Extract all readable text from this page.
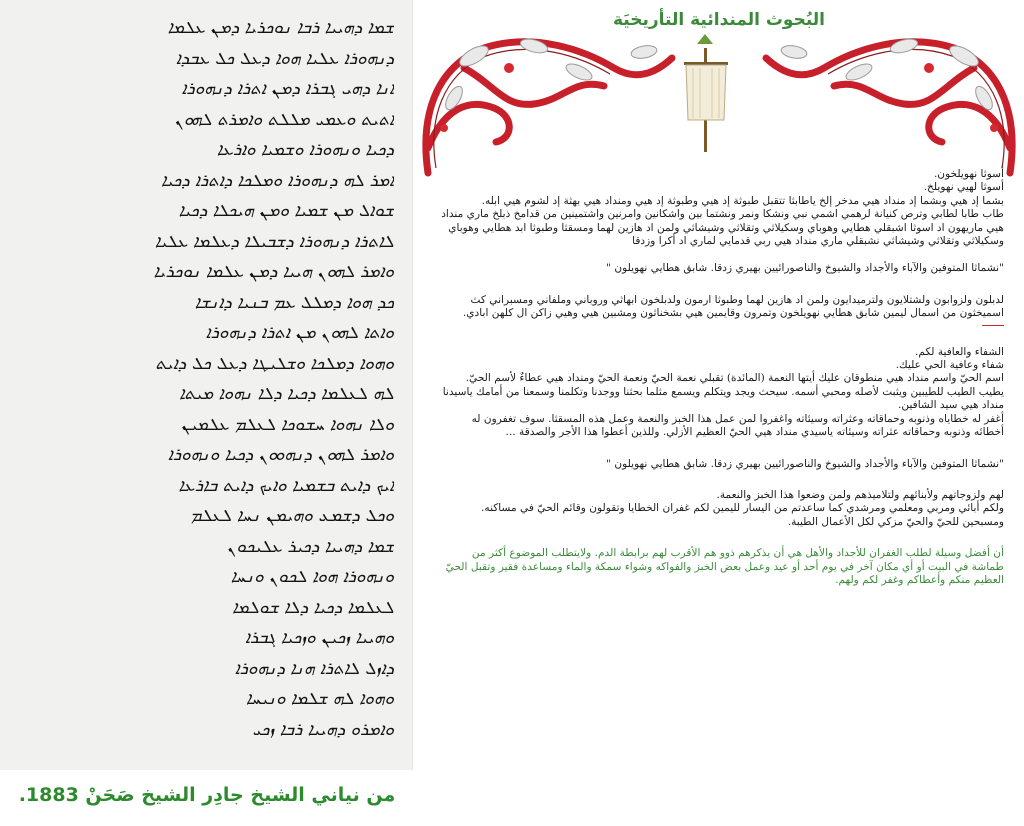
ܫܡܐ ܕܗܝܝܐ ܪܒܐ ܢܘܟܪܝܐ ܕܡܢ ܥܠܡܐ
ܕܢܗܘܪܐ ܥܠܝܐ ܗܘܐ ܕܥܠ ܟܠ ܥܒܕܐ
ܐܢܐ ܕܗܝ ܓܒܪܐ ܕܡܢ ܐܬܪܐ ܕܢܗܘܪܐ
ܐܬܝܬ ܘܥܡܝ ܡܠܠܬ ܘܐܡܪܬ ܠܗܘܢ
ܕܟܝܐ ܘܢܗܘܪܐ ܘܫܡܝܐ ܘܐܪܥܐ
ܐܡܪ ܠܗ ܕܢܗܘܪܐ ܘܡܠܟܐ ܕܐܬܪܐ ܕܟܝܐ
ܫܘܐܠ ܡܢ ܫܡܝܐ ܘܡܢ ܗܝܟܠܐ ܕܟܝܐ
ܠܐܬܪܐ ܕܢܗܘܪܐ ܕܫܒܝܠܐ ܕܥܠܡܐ ܥܠܝܐ
ܘܐܡܪ ܠܗܘܢ ܗܝܝܐ ܕܡܢ ܥܠܡܐ ܢܘܟܪܝܐ
ܟܕ ܗܘܐ ܕܡܠܠ ܥܡ ܒܢܝܐ ܕܐܢܫܐ
ܘܐܬܐ ܠܗܘܢ ܡܢ ܐܬܪܐ ܕܢܗܘܪܐ
ܘܗܘܐ ܕܡܠܟܐ ܘܫܠܝܛܐ ܕܥܠ ܟܠ ܕܐܝܬ
ܠܗ ܠܥܠܡܐ ܕܟܝܐ ܕܠܐ ܢܗܘܐ ܡܝܬܐ
ܘܠܐ ܢܗܘܐ ܚܫܘܟܐ ܠܥܠܡ ܥܠܡܝܢ
ܘܐܡܪ ܠܗܘܢ ܕܢܗܘܘܢ ܕܟܝܐ ܘܢܗܘܪܐ
ܐܝܟ ܕܐܝܬ ܒܫܡܝܐ ܘܐܝܟ ܕܐܝܬ ܒܐܪܥܐ
ܘܟܠ ܕܫܡܥ ܘܗܝܡܢ ܢܚܐ ܠܥܠܡ
ܫܡܐ ܕܗܝܝܐ ܕܟܝܪ ܥܠܝܟܘܢ
ܘܢܗܘܪܐ ܗܘܐ ܠܟܘܢ ܘܢܚܐ
ܠܥܠܡܐ ܕܟܝܐ ܕܠܐ ܫܘܠܡܐ
ܘܗܝܝܐ ܙܟܝܢ ܘܙܟܝܐ ܓܒܪܐ
ܕܐܙܠ ܠܐܬܪܐ ܗܢܐ ܕܢܗܘܪܐ
ܘܗܘܐ ܠܗ ܫܠܡܐ ܘܢܝܚܐ
ܘܐܡܪܘ ܕܗܝܝܐ ܪܒܐ ܙܟܝ
من نياني الشيخ جادِر الشيخ صَحَنْ 1883.
البُحوث المندائية التأريخيَة

أسوثا نهويلخون.

أسوثا لهيي نهويلخ.

بشما إد هيي وبشما إد منداد هيي مدخر إلخ ياطابثا تتقبل طبوثة إد هيي وطبوثة إد هيي ومنداد هيي بهثة إد لشوم هيي ابله.

طاب طابا لطابي وترص كنيانة لرهمي اشمي نبي ونشكا ونمر ونشتما بين واشكانين وامرنين واشتمينين من قدامخ ذبلخ ماري منداد هيي ماريهون اد اسوثا اشبقلي هطايي وهوباي وسكيلاثي وتقلاثي وشيشاثي ولمن اد هازين لهما ومسقثا وطبوثا ابد هطايي وهوباي وسكيلاثي وتقلاثي وشيشاثي نشبقلي ماري منداد هيي ربي قدمايي لماري اد أكرا وزدقا

"نشماثا المتوفين والآباء والأجداد والشيوخ والناصورائيين بهيري زدقا. شابق هطايي نهويلون "

لدبلون ولزوابون ولشتلايون ولترميدايون ولمن اد هازين لهما وطبوثا ارمون ولدبلخون ابهاثي وروباني وملفاني ومسبراني كث اسميخثون من اسمال ليمين شابق هطايي نهويلخون وتمرون وقايمين هيي بشخناثون ومشبين هيي وهيي زاكن ال كلهن ابادي.

الشفاء والعافية لكم.

شفاء وعافية الحي عليك.

اسم الحيّ واسم منداد هيي منطوقان عليك أيتها النعمة (المائدة) تقبلي نعمة الحيّ ونعمة الحيّ ومنداد هيي عطاءٌ لأسم الحيّ.

يطيب الطيب للطيبين ويثبت لأصله ومحبي أسمه. سيحث ويجد ويتكلم ويسمع مثلما بحثنا ووجدنا وتكلمنا وسمعنا من أمامك ياسيدنا منداد هيي سيد الشافين.

أغفر له خطاياه وذنوبه وحماقاته وعثراته وسيئاته واغفروا لمن عمل هذا الخبز والنعمة وعمل هذه المسقثا. سوف تغفرون له أخطائه وذنوبه وحماقاته عثراته وسيئاته ياسيدي منداد هيي الحيّ العظيم الأزلي. وللذين أعطوا هذا الأجر والصدقة ...

"نشماثا المتوفين والآباء والأجداد والشيوخ والناصورائيين بهيري زدقا. شابق هطايي نهويلون "

لهم ولزوجاتهم ولأبنائهم ولتلاميذهم ولمن وضعوا هذا الخبز والنعمة.

ولكم أبائي ومربي ومعلمي ومرشدي كما ساعدتم من اليسار لليمين لكم غفران الخطايا وتقولون وقائم الحيّ في مساكنه. ومسبحين للحيّ والحيّ مزكي لكل الأعمال الطيبة.

أن أفضل وسيلة لطلب الغفران للأجداد والأهل هي أن يذكرهم ذوو هم الأقرب لهم برابطة الدم. ولايتطلب الموضوع أكثر من طماشة في البيت أو أي مكان آخر في يوم أحد أو عيد وعمل بعض الخبز والفواكه وشواء سمكة والماء ومساعدة فقير وتقبل الحيّ العظيم منكم وأعطاكم وغفر لكم ولهم.
